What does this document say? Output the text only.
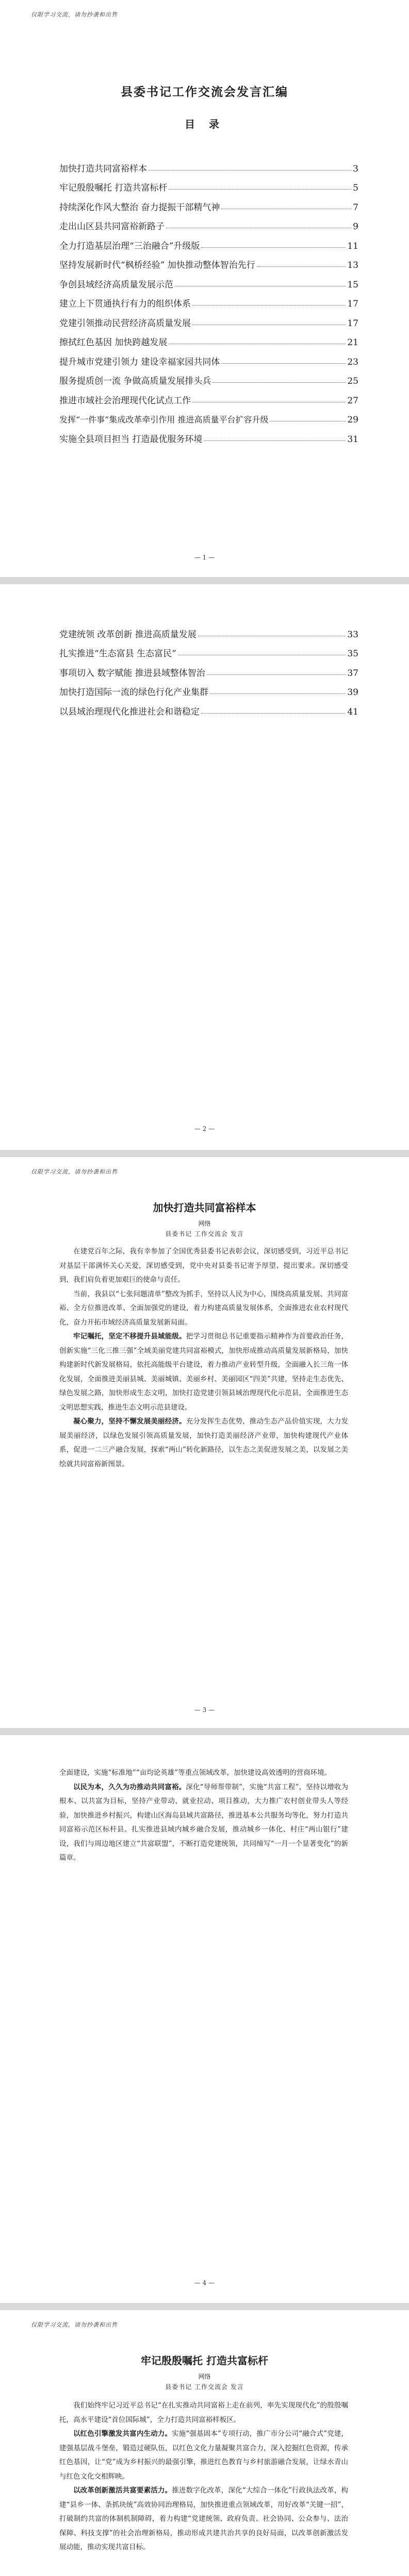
仅限学习交流，请勿抄袭和出售
县委书记工作交流会发言汇编
目 录
加快打造共同富裕样本	3
牢记殷殷嘱托 打造共富标杆	5
持续深化作风大整治 奋力提振干部精气神	7
走出山区县共同富裕新路子	9
全力打造基层治理“三治融合”升级版	11
坚持发展新时代“枫桥经验” 加快推动整体智治先行	13
争创县域经济高质量发展示范	15
建立上下贯通执行有力的组织体系	17
党建引领推动民营经济高质量发展	17
擦拭红色基因 加快跨越发展	21
提升城市党建引领力 建设幸福家园共同体	23
服务提质创一流 争做高质量发展排头兵	25
推进市域社会治理现代化试点工作	27
发挥“一件事”集成改革牵引作用 推进高质量平台扩容升级	29
实施全县项目担当 打造最优服务环境	31
— 1 —
党建统领 改革创新 推进高质量发展	33
扎实推进“生态富县 生态富民”	35
事项切入 数字赋能 推进县域整体智治	37
加快打造国际一流的绿色行化产业集群	39
以县域治理现代化推进社会和谐稳定	41
— 2 —
仅限学习交流，请勿抄袭和出售
加快打造共同富裕样本
网络
县委书记 工作交流会 发言

在建党百年之际，我有幸参加了全国优秀县委书记表彰会议，深切感受到，习近平总书记对基层干部满怀关心关爱，深切感受到，党中央对县委书记寄予厚望、提出要求。深切感受到，我们肩负着更加艰巨的使命与责任。

当前，我县以“七张问题清单”整改为抓手，坚持以人民为中心，围绕高质量发展、共同富裕、全方位推进改革、全面加强党的建设，着力构建高质量发展体系，全面推进农业农村现代化，奋力开拓市域经济高质量发展新局面。

牢记嘱托，坚定不移提升县域能级。把学习贯彻总书记重要指示精神作为首要政治任务，创新实施“三化三推三强”全域美丽党建共同富裕模式，加快形成推动高质量发展新格局，加快构建新时代新发展格局，依托高能级平台建设，着力推动产业转型升级，全面融入长三角一体化发展，全面推进美丽县城、美丽城镇、美丽乡村、美丽园区“四美”共建，坚持走生态优先、绿色发展之路，加快形成生态文明，加快打造党建引领县域治理现代化示范县，全面推进生态文明思想实践，推进生态文明示范县建设。

凝心聚力，坚持不懈发展美丽经济。充分发挥生态优势，推动生态产品价值实现，大力发展美丽经济，以绿色发展引领高质量发展，加快打造美丽经济产业带，加快构建现代产业体系，促进一二三产融合发展，探索“两山”转化新路径，以生态之美促进发展之美，以发展之美绘就共同富裕新图景。

— 3 —

全面建设，实施“标准地”“亩均论英雄”等重点领域改革，加快建设高效透明的营商环境。

以民为本，久久为功推动共同富裕。深化“导师帮带制”，实施“共富工程”，坚持以增收为根本、以共富为目标，坚持产业带动、就业拉动、项目推动，大力推广农村创业带头人等经验，加快推进乡村振兴，构建山区海岛县域共富路径，推进基本公共服务均等化，努力打造共同富裕示范区标杆县。扎实推进县域内城乡融合发展，推动城乡一体化、村庄“两山银行”建设，我们与周边地区建立“共富联盟”，不断打造党建统领，共同缔写“一月一个显著变化”的新篇章。

— 4 —
仅限学习交流，请勿抄袭和出售
牢记殷殷嘱托 打造共富标杆
网络
县委书记 工作交流会 发言

我们始终牢记习近平总书记“在扎实推动共同富裕上走在前列，率先实现现代化”的殷殷嘱托，高水平建设“首位国际城”，全力打造共同富裕样板区。

以红色引擎激发共富内生动力。实施“强基固本”专项行动，推广市分公司“融合式”党建，建强基层战斗堡垒，锻造过硬队伍，以红色文化力量凝聚共富合力，深入挖掘红色资源，传承红色基因，让“党”成为乡村振兴的最强引擎，推进红色教育与乡村旅游融合发展，让绿水青山与红色文化交相辉映。

以改革创新激活共富要素活力。推进数字化改革，深化“大综合一体化”行政执法改革，构建“县乡一体、条抓块统”高效协同治理格局，加快推进重点领域改革，用好改革“关键一招”，打破制约共富的体制机制障碍，着力构建“党建统领、政府负责、社会协同、公众参与、法治保障、科技支撑”的社会治理新格局，推动形成共建共治共享的良好局面，以改革创新激活发展动能，推动实现共富目标。
